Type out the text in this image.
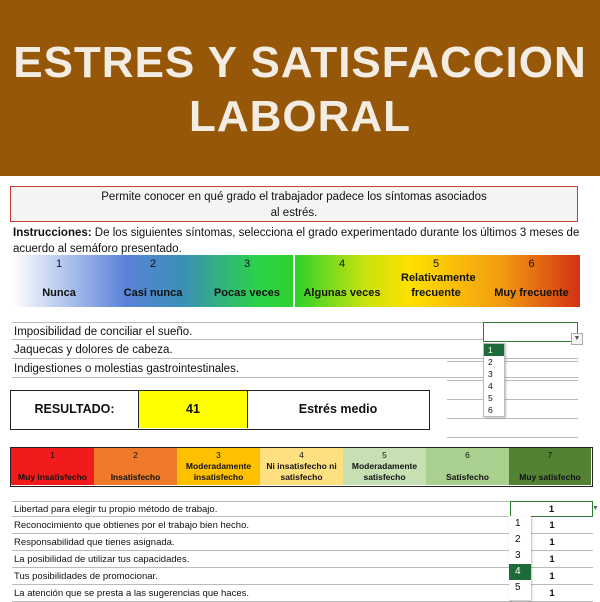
ESTRES Y SATISFACCION
LABORAL
Permite conocer en qué grado el trabajador padece los síntomas asociados
al estrés.
Instrucciones: De los siguientes síntomas, selecciona el grado experimentado durante los últimos 3 meses de acuerdo al semáforo presentado.
1
Nunca
2
Casi nunca
3
Pocas veces
4
Algunas veces
5
Relativamente frecuente
6
Muy frecuente
Imposibilidad de conciliar el sueño.
Jaquecas y dolores de cabeza.
Indigestiones o molestias gastrointestinales.
▼
1
2
3
4
5
6
RESULTADO:	41	Estrés medio
1
Muy insatisfecho
2
Insatisfecho
3
Moderadamente insatisfecho
4
Ni insatisfecho ni satisfecho
5
Moderadamente satisfecho
6
Satisfecho
7
Muy satisfecho
Libertad para elegir tu propio método de trabajo.
Reconocimiento que obtienes por el trabajo bien hecho.
Responsabilidad que tienes asignada.
La posibilidad de utilizar tus capacidades.
Tus posibilidades de promocionar.
La atención que se presta a las sugerencias que haces.
1
1
1
1
1
1
▼
1
2
3
4
5
